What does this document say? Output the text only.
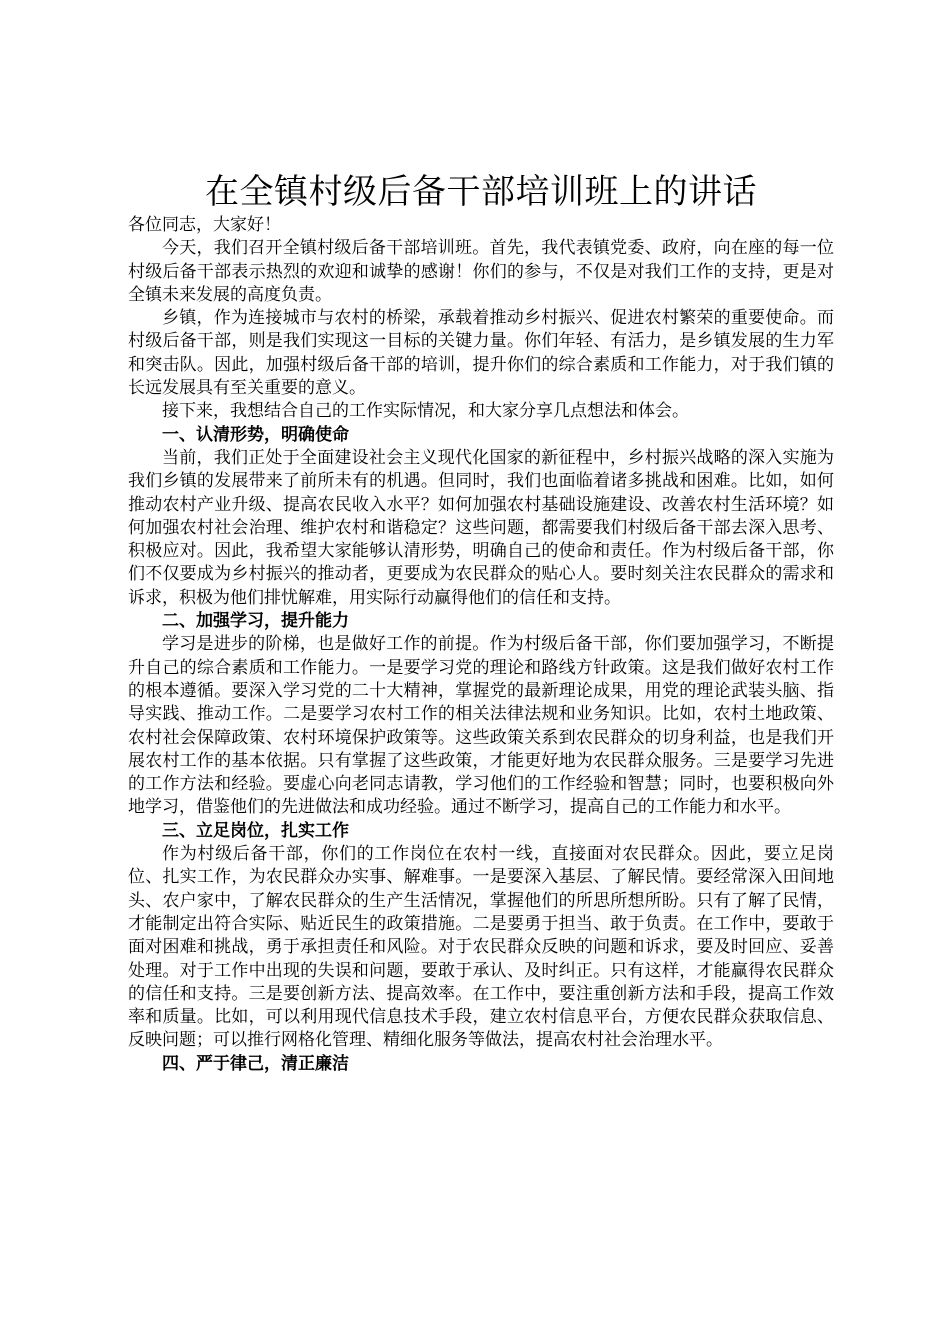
在全镇村级后备干部培训班上的讲话

各位同志，大家好！

今天，我们召开全镇村级后备干部培训班。首先，我代表镇党委、政府，向在座的每一位村级后备干部表示热烈的欢迎和诚挚的感谢！你们的参与，不仅是对我们工作的支持，更是对全镇未来发展的高度负责。

乡镇，作为连接城市与农村的桥梁，承载着推动乡村振兴、促进农村繁荣的重要使命。而村级后备干部，则是我们实现这一目标的关键力量。你们年轻、有活力，是乡镇发展的生力军和突击队。因此，加强村级后备干部的培训，提升你们的综合素质和工作能力，对于我们镇的长远发展具有至关重要的意义。

接下来，我想结合自己的工作实际情况，和大家分享几点想法和体会。

一、认清形势，明确使命

当前，我们正处于全面建设社会主义现代化国家的新征程中，乡村振兴战略的深入实施为我们乡镇的发展带来了前所未有的机遇。但同时，我们也面临着诸多挑战和困难。比如，如何推动农村产业升级、提高农民收入水平？如何加强农村基础设施建设、改善农村生活环境？如何加强农村社会治理、维护农村和谐稳定？这些问题，都需要我们村级后备干部去深入思考、积极应对。因此，我希望大家能够认清形势，明确自己的使命和责任。作为村级后备干部，你们不仅要成为乡村振兴的推动者，更要成为农民群众的贴心人。要时刻关注农民群众的需求和诉求，积极为他们排忧解难，用实际行动赢得他们的信任和支持。

二、加强学习，提升能力

学习是进步的阶梯，也是做好工作的前提。作为村级后备干部，你们要加强学习，不断提升自己的综合素质和工作能力。一是要学习党的理论和路线方针政策。这是我们做好农村工作的根本遵循。要深入学习党的二十大精神，掌握党的最新理论成果，用党的理论武装头脑、指导实践、推动工作。二是要学习农村工作的相关法律法规和业务知识。比如，农村土地政策、农村社会保障政策、农村环境保护政策等。这些政策关系到农民群众的切身利益，也是我们开展农村工作的基本依据。只有掌握了这些政策，才能更好地为农民群众服务。三是要学习先进的工作方法和经验。要虚心向老同志请教，学习他们的工作经验和智慧；同时，也要积极向外地学习，借鉴他们的先进做法和成功经验。通过不断学习，提高自己的工作能力和水平。

三、立足岗位，扎实工作

作为村级后备干部，你们的工作岗位在农村一线，直接面对农民群众。因此，要立足岗位、扎实工作，为农民群众办实事、解难事。一是要深入基层、了解民情。要经常深入田间地头、农户家中，了解农民群众的生产生活情况，掌握他们的所思所想所盼。只有了解了民情，才能制定出符合实际、贴近民生的政策措施。二是要勇于担当、敢于负责。在工作中，要敢于面对困难和挑战，勇于承担责任和风险。对于农民群众反映的问题和诉求，要及时回应、妥善处理。对于工作中出现的失误和问题，要敢于承认、及时纠正。只有这样，才能赢得农民群众的信任和支持。三是要创新方法、提高效率。在工作中，要注重创新方法和手段，提高工作效率和质量。比如，可以利用现代信息技术手段，建立农村信息平台，方便农民群众获取信息、反映问题；可以推行网格化管理、精细化服务等做法，提高农村社会治理水平。

四、严于律己，清正廉洁
